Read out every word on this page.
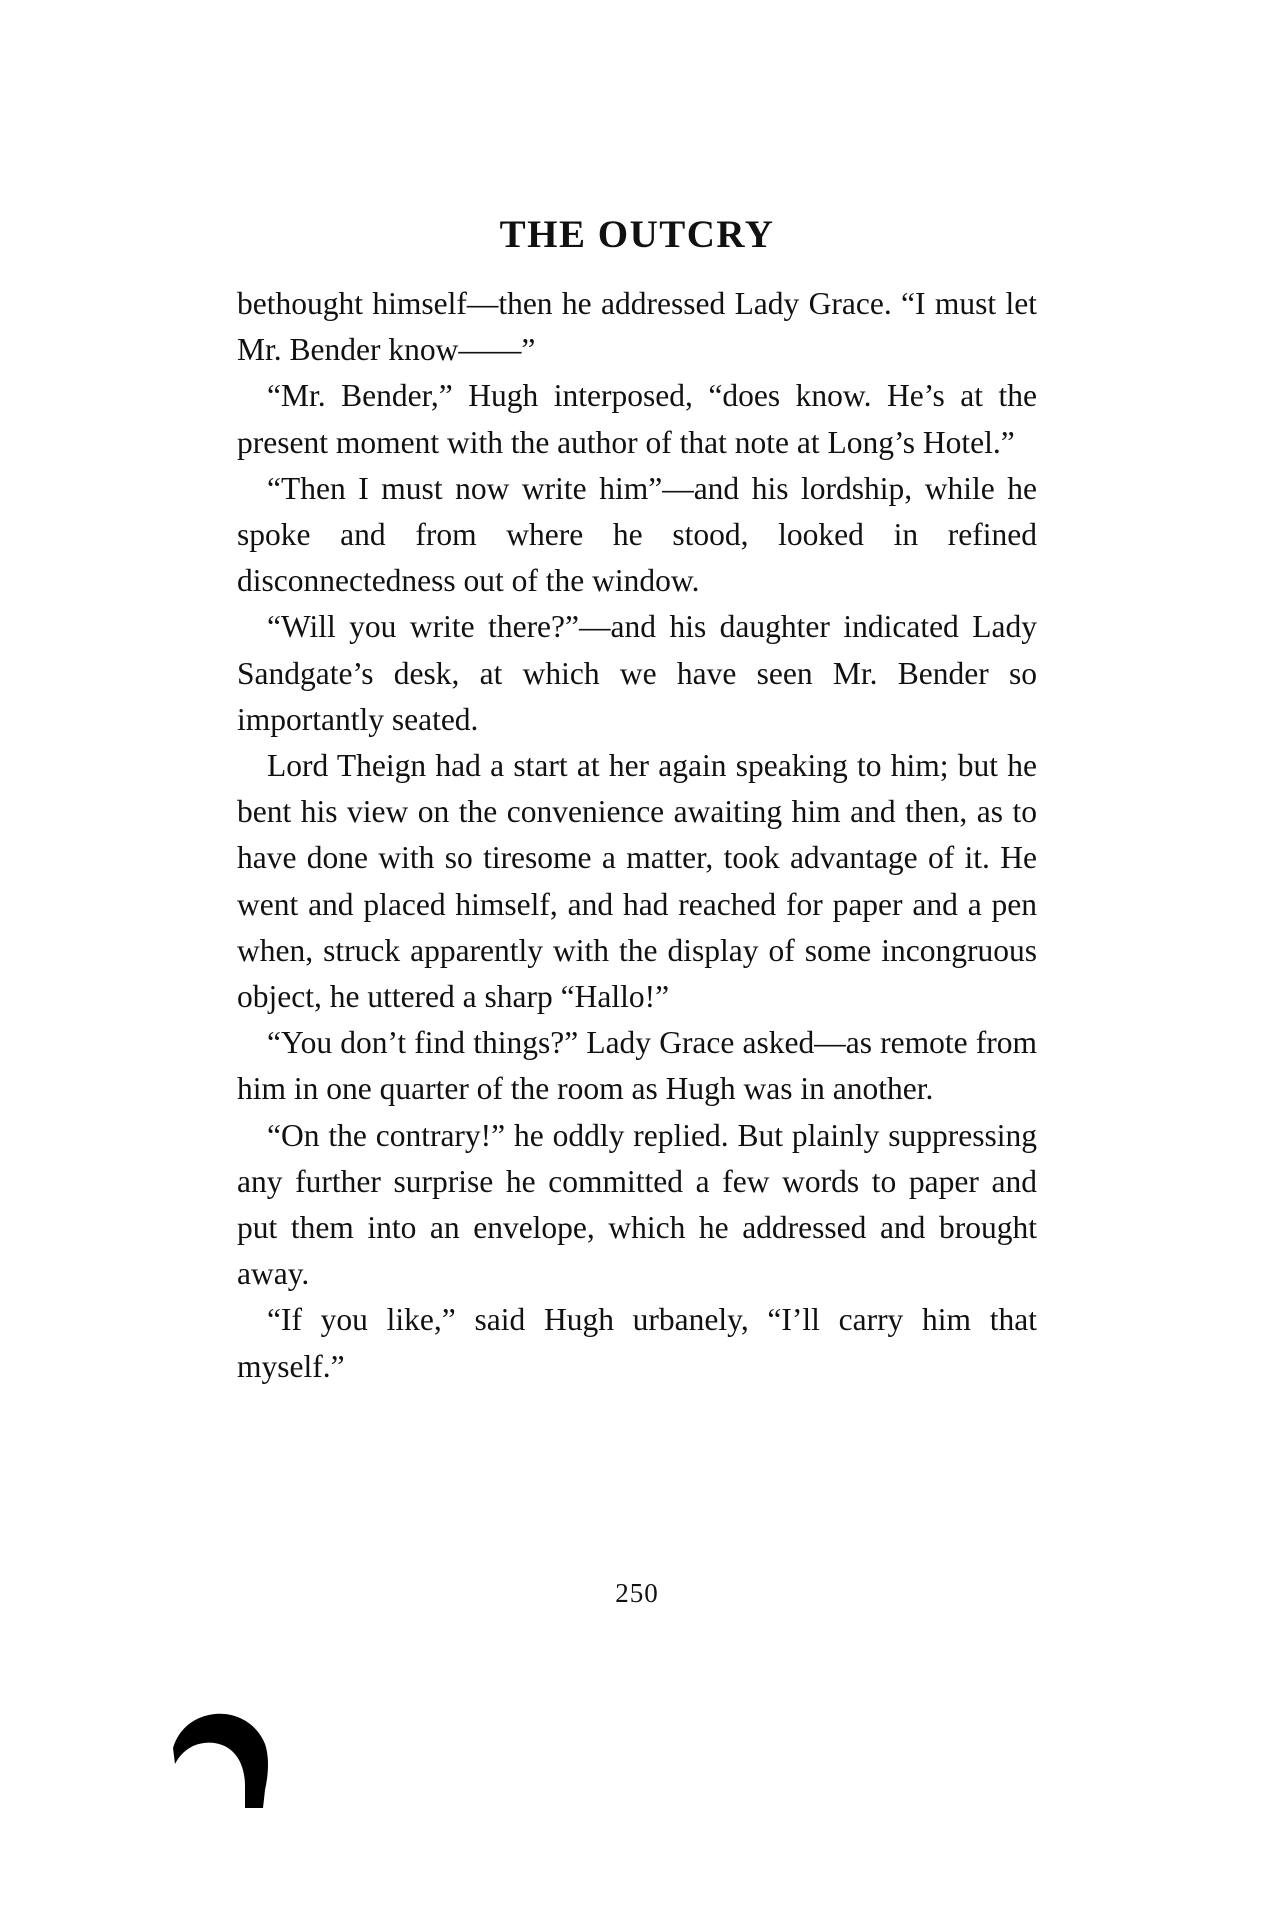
THE OUTCRY

bethought himself—then he addressed Lady Grace. “I must let Mr. Bender know——”

“Mr. Bender,” Hugh interposed, “does know. He’s at the present moment with the author of that note at Long’s Hotel.”

“Then I must now write him”—and his lordship, while he spoke and from where he stood, looked in refined disconnectedness out of the window.

“Will you write there?”—and his daughter indicated Lady Sandgate’s desk, at which we have seen Mr. Bender so importantly seated.

Lord Theign had a start at her again speaking to him; but he bent his view on the convenience awaiting him and then, as to have done with so tiresome a matter, took advantage of it. He went and placed himself, and had reached for paper and a pen when, struck apparently with the display of some incongruous object, he uttered a sharp “Hallo!”

“You don’t find things?” Lady Grace asked—as remote from him in one quarter of the room as Hugh was in another.

“On the contrary!” he oddly replied. But plainly suppressing any further surprise he committed a few words to paper and put them into an envelope, which he addressed and brought away.

“If you like,” said Hugh urbanely, “I’ll carry him that myself.”

250
